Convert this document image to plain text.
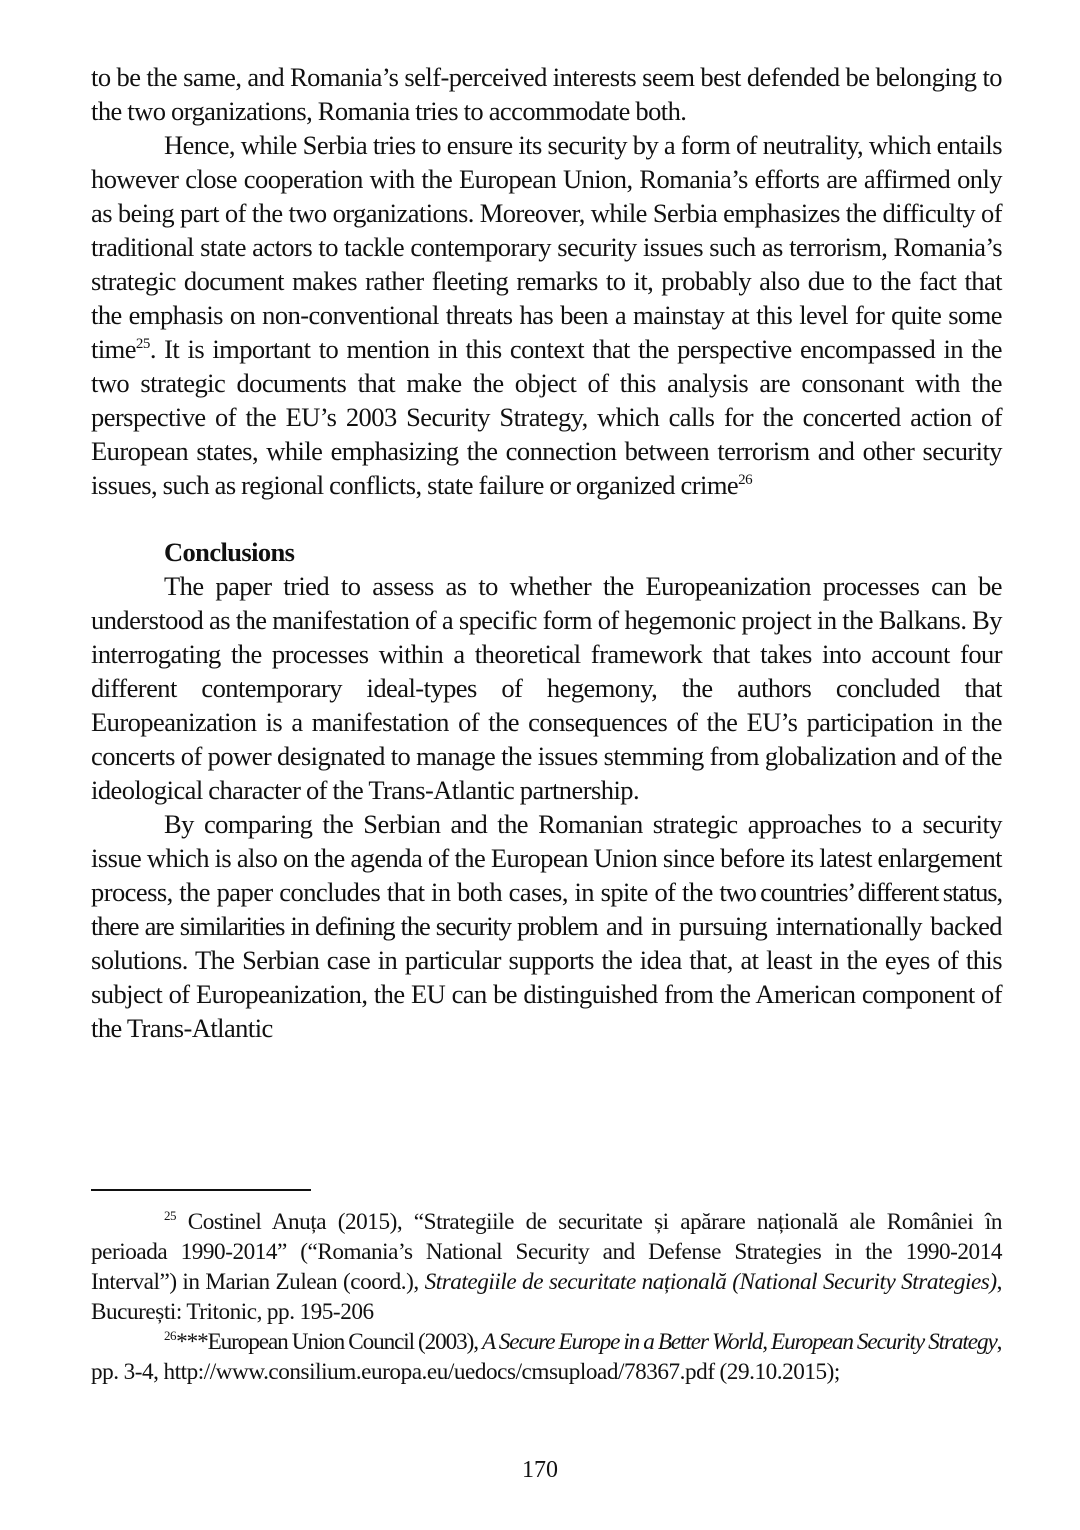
to be the same, and Romania’s self-perceived interests seem best defended be belonging to the two organizations, Romania tries to accommodate both.

Hence, while Serbia tries to ensure its security by a form of neutrality, which entails however close cooperation with the European Union, Romania’s efforts are affirmed only as being part of the two organizations. Moreover, while Serbia emphasizes the difficulty of traditional state actors to tackle contemporary security issues such as terrorism, Romania’s strategic document makes rather fleeting remarks to it, probably also due to the fact that the emphasis on non-conventional threats has been a mainstay at this level for quite some time$^{25}$. It is important to mention in this context that the perspective encompassed in the two strategic documents that make the object of this analysis are consonant with the perspective of the EU’s 2003 Security Strategy, which calls for the concerted action of European states, while emphasizing the connection between terrorism and other security issues, such as regional conflicts, state failure or organized crime$^{26}$

Conclusions

The paper tried to assess as to whether the Europeanization processes can be understood as the manifestation of a specific form of hegemonic project in the Balkans. By interrogating the processes within a theoretical framework that takes into account four different contemporary ideal-types of hegemony, the authors concluded that Europeanization is a manifestation of the consequences of the EU’s participation in the concerts of power designated to manage the issues stemming from globalization and of the ideological character of the Trans-Atlantic partnership.

By comparing the Serbian and the Romanian strategic approaches to a security issue which is also on the agenda of the European Union since before its latest enlargement process, the paper concludes that in both cases, in spite of the two countries’ different status, there are similarities in defining the security problem and in pursuing internationally backed solutions. The Serbian case in particular supports the idea that, at least in the eyes of this subject of Europeanization, the EU can be distinguished from the American component of the Trans-Atlantic

$^{25}$ Costinel Anuța (2015), “Strategiile de securitate și apărare națională ale României în perioada 1990-2014” (“Romania’s National Security and Defense Strategies in the 1990-2014 Interval”) in Marian Zulean (coord.), Strategiile de securitate națională (National Security Strategies), București: Tritonic, pp. 195-206

$^{26}$***European Union Council (2003), A Secure Europe in a Better World, European Security Strategy, pp. 3-4, http://www.consilium.europa.eu/uedocs/cmsupload/78367.pdf (29.10.2015);

170
